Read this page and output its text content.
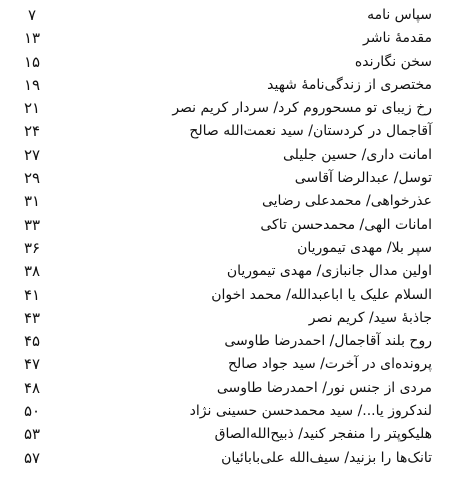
سپاس نامه
۷
مقدمهٔ ناشر
۱۳
سخن نگارنده
۱۵
مختصری از زندگی‌نامهٔ شهید
۱۹
رخ زیبای تو مسحوروم کرد/ سردار کریم نصر
۲۱
آقاجمال در کردستان/ سید نعمت‌الله صالح
۲۴
امانت داری/ حسین جلیلی
۲۷
توسل/ عبدالرضا آقاسی
۲۹
عذرخواهی/ محمدعلی رضایی
۳۱
امانات الهی/ محمدحسن تاکی
۳۳
سپر بلا/ مهدی تیموریان
۳۶
اولین مدال جانبازی/ مهدی تیموریان
۳۸
السلام علیک یا اباعبدالله/ محمد اخوان
۴۱
جاذبهٔ سید/ کریم نصر
۴۳
روح بلند آقاجمال/ احمدرضا طاوسی
۴۵
پرونده‌ای در آخرت/ سید جواد صالح
۴۷
مردی از جنس نور/ احمدرضا طاوسی
۴۸
لندکروز یا.../ سید محمدحسن حسینی نژاد
۵۰
هلیکوپتر را منفجر کنید/ ذبیح‌الله‌الصاق
۵۳
تانک‌ها را بزنید/ سیف‌الله علی‌بابائیان
۵۷
